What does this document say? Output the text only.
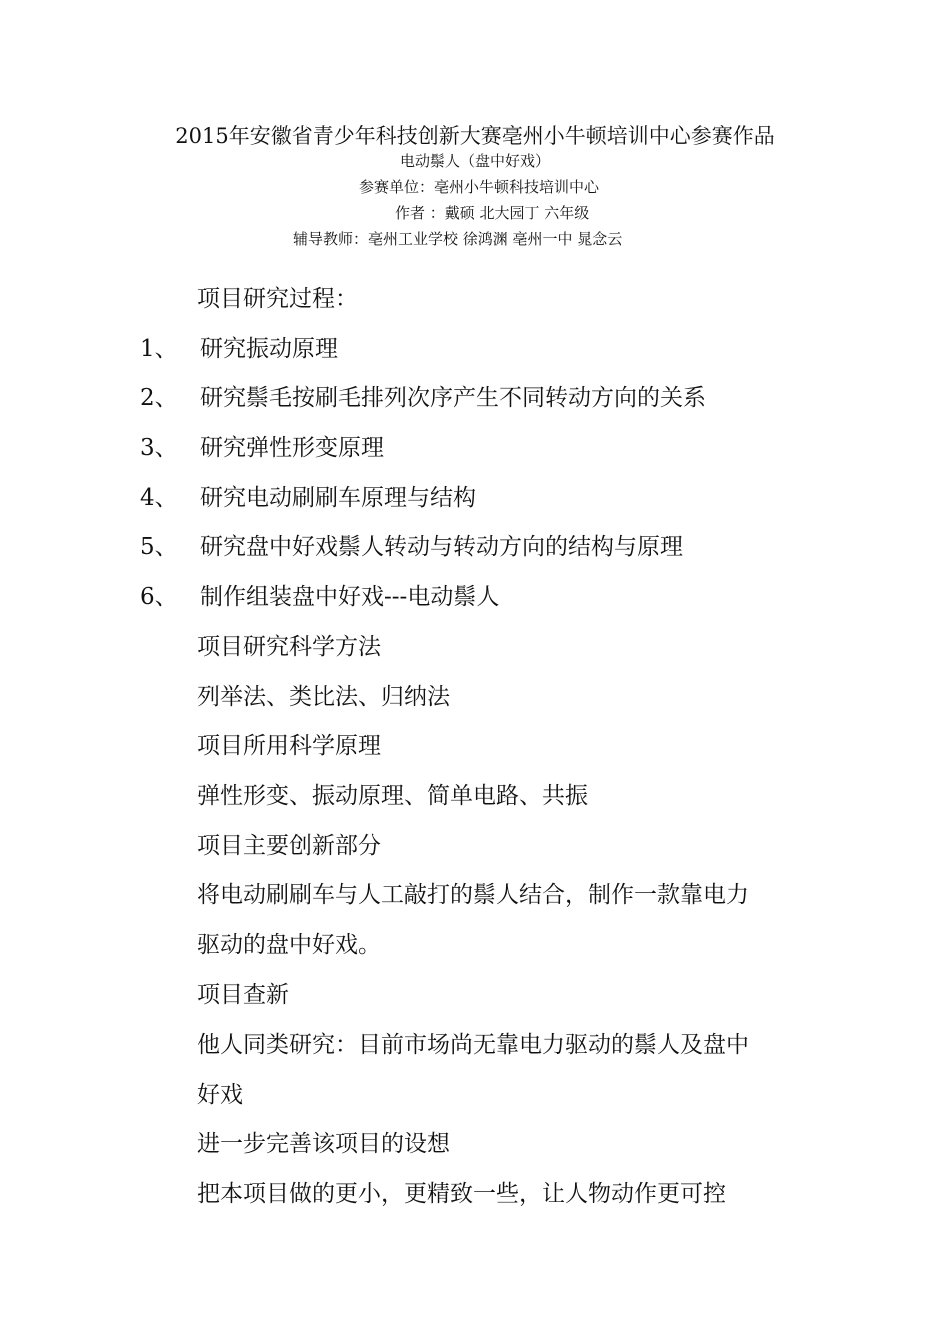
2015年安徽省青少年科技创新大赛亳州小牛顿培训中心参赛作品
电动鬃人（盘中好戏）
参赛单位：亳州小牛顿科技培训中心
作者 ：戴硕 北大园丁 六年级
辅导教师：亳州工业学校 徐鸿渊 亳州一中 晁念云
项目研究过程：
1、 研究振动原理
2、 研究鬃毛按刷毛排列次序产生不同转动方向的关系
3、 研究弹性形变原理
4、 研究电动刷刷车原理与结构
5、 研究盘中好戏鬃人转动与转动方向的结构与原理
6、 制作组装盘中好戏---电动鬃人
项目研究科学方法
列举法、类比法、归纳法
项目所用科学原理
弹性形变、振动原理、简单电路、共振
项目主要创新部分
将电动刷刷车与人工敲打的鬃人结合，制作一款靠电力
驱动的盘中好戏。
项目查新
他人同类研究：目前市场尚无靠电力驱动的鬃人及盘中
好戏
进一步完善该项目的设想
把本项目做的更小，更精致一些，让人物动作更可控
